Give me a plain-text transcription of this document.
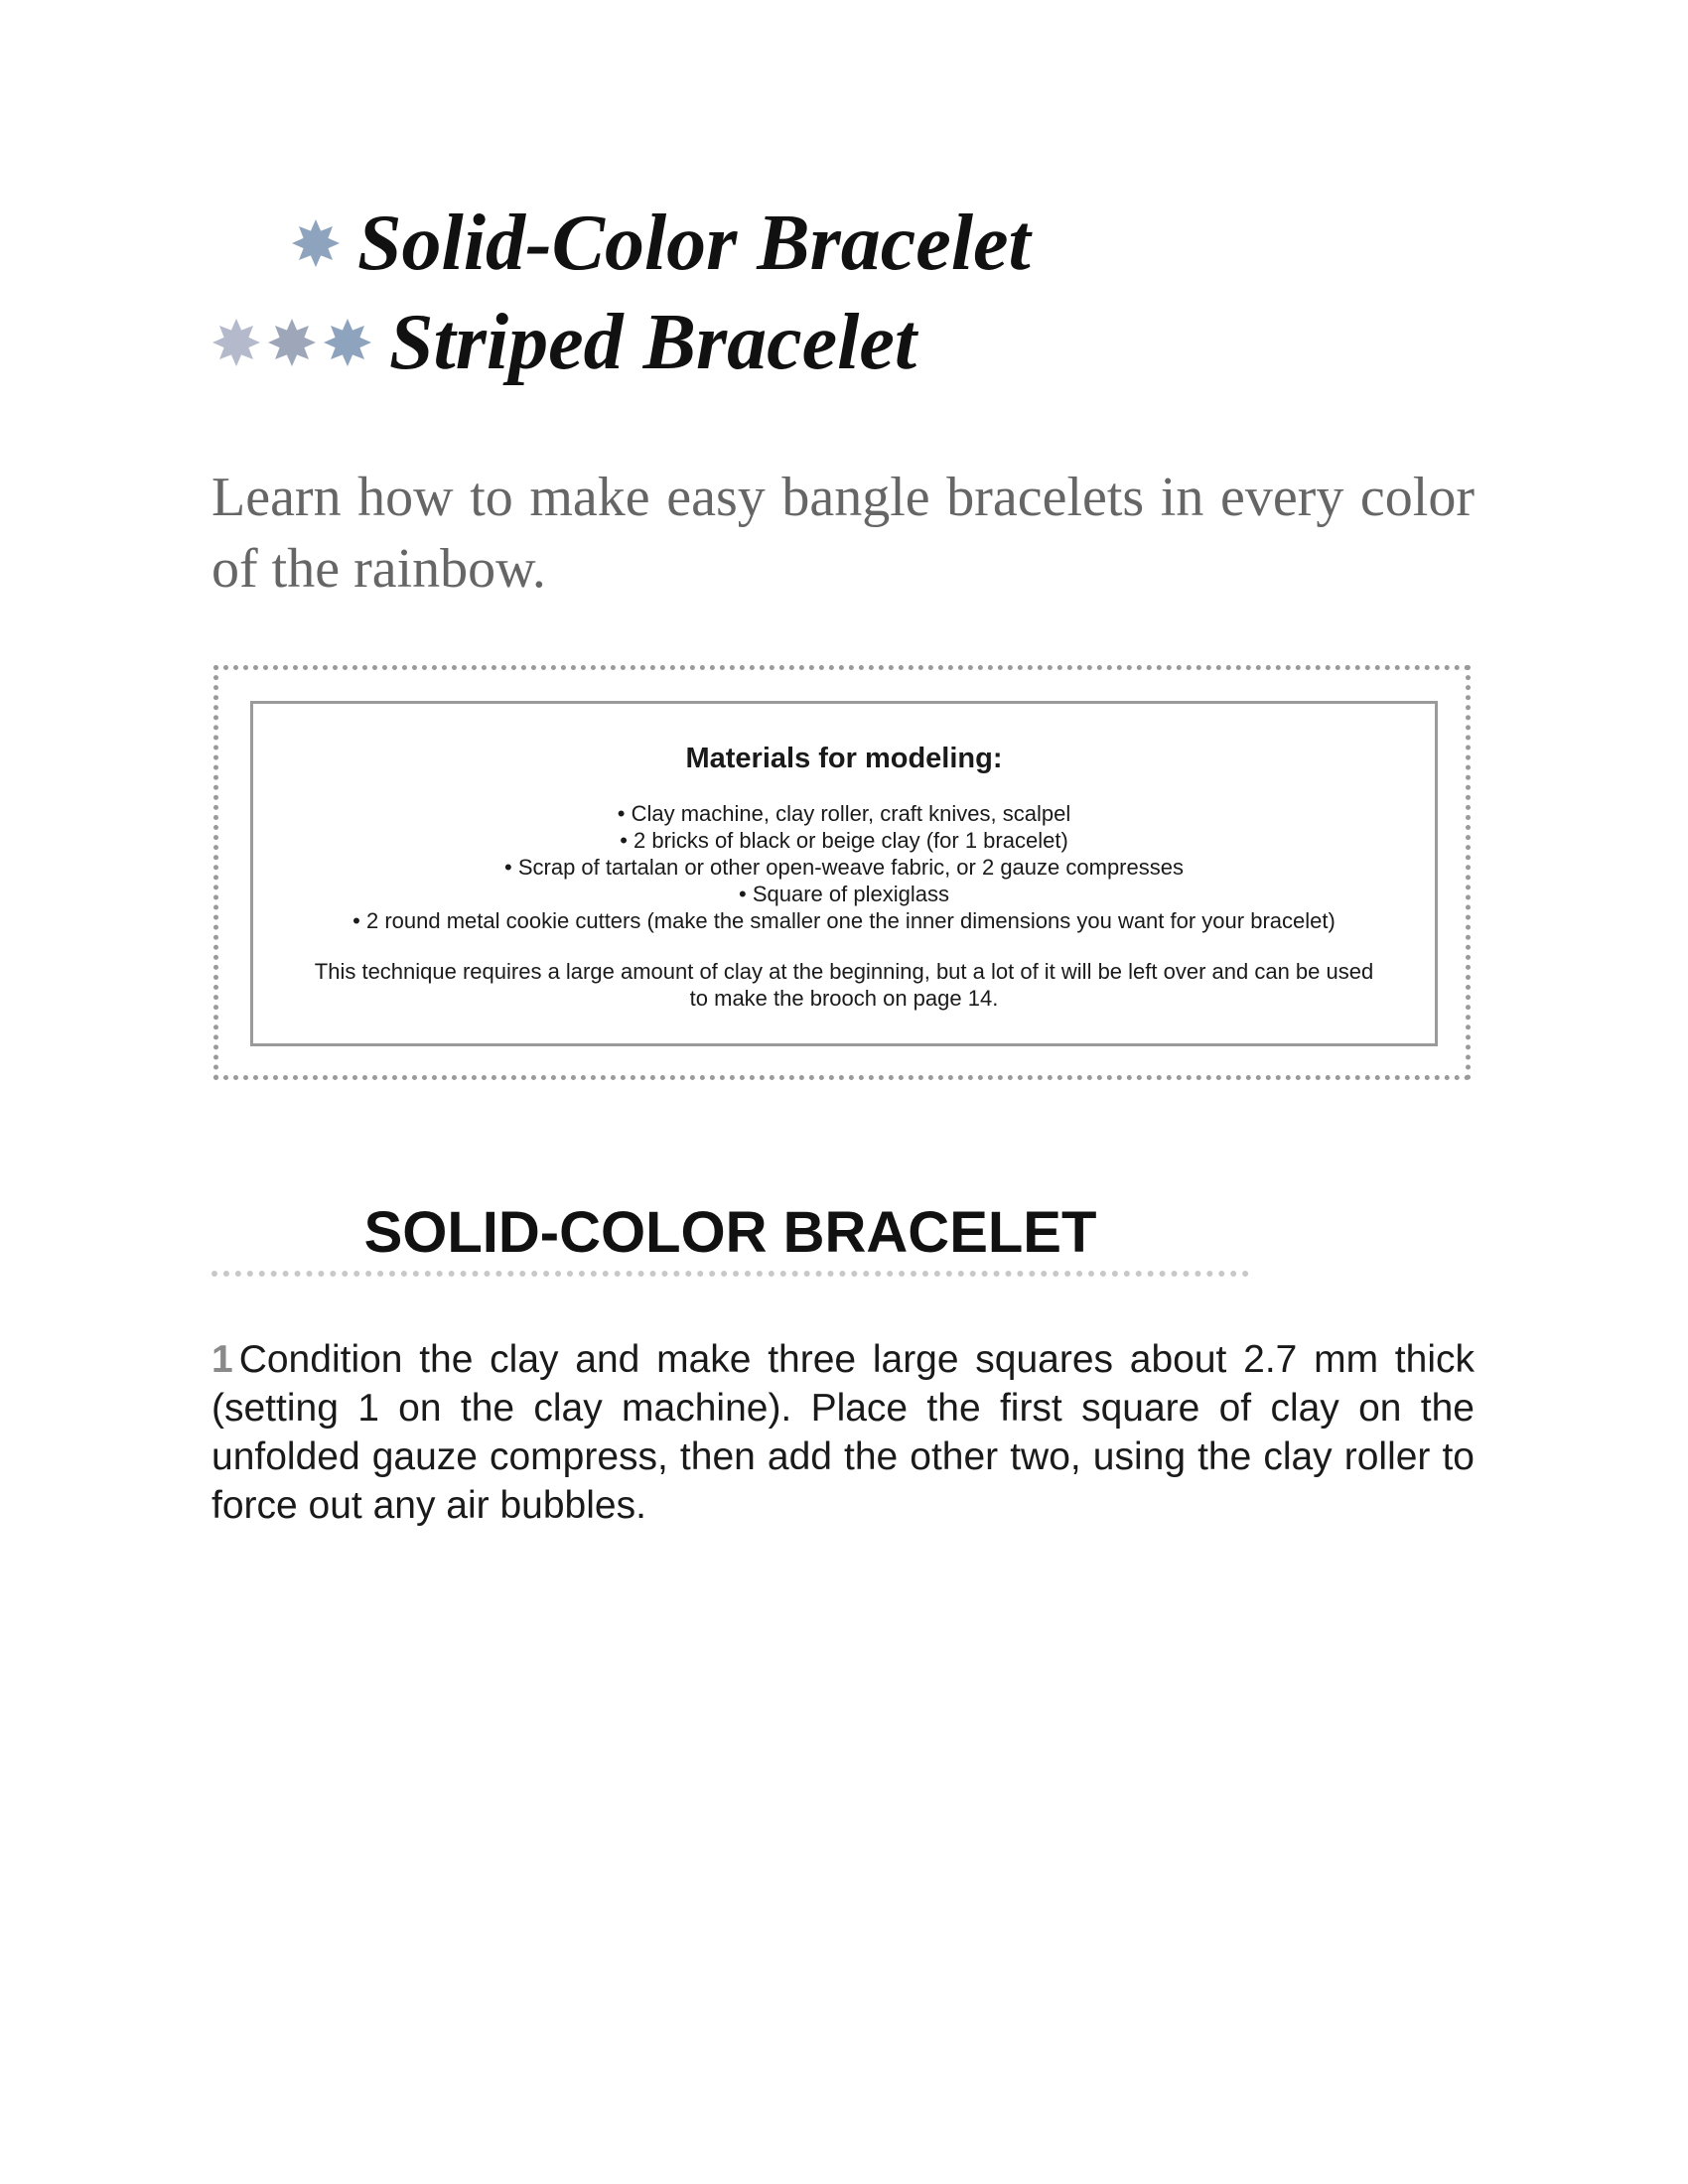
Solid-Color Bracelet
Striped Bracelet

Learn how to make easy bangle bracelets in every color of the rainbow.

Materials for modeling:
• Clay machine, clay roller, craft knives, scalpel
• 2 bricks of black or beige clay (for 1 bracelet)
• Scrap of tartalan or other open-weave fabric, or 2 gauze compresses
• Square of plexiglass
• 2 round metal cookie cutters (make the smaller one the inner dimensions you want for your bracelet)

This technique requires a large amount of clay at the beginning, but a lot of it will be left over and can be used to make the brooch on page 14.

SOLID-COLOR BRACELET

1 Condition the clay and make three large squares about 2.7 mm thick (setting 1 on the clay machine). Place the first square of clay on the unfolded gauze compress, then add the other two, using the clay roller to force out any air bubbles.
